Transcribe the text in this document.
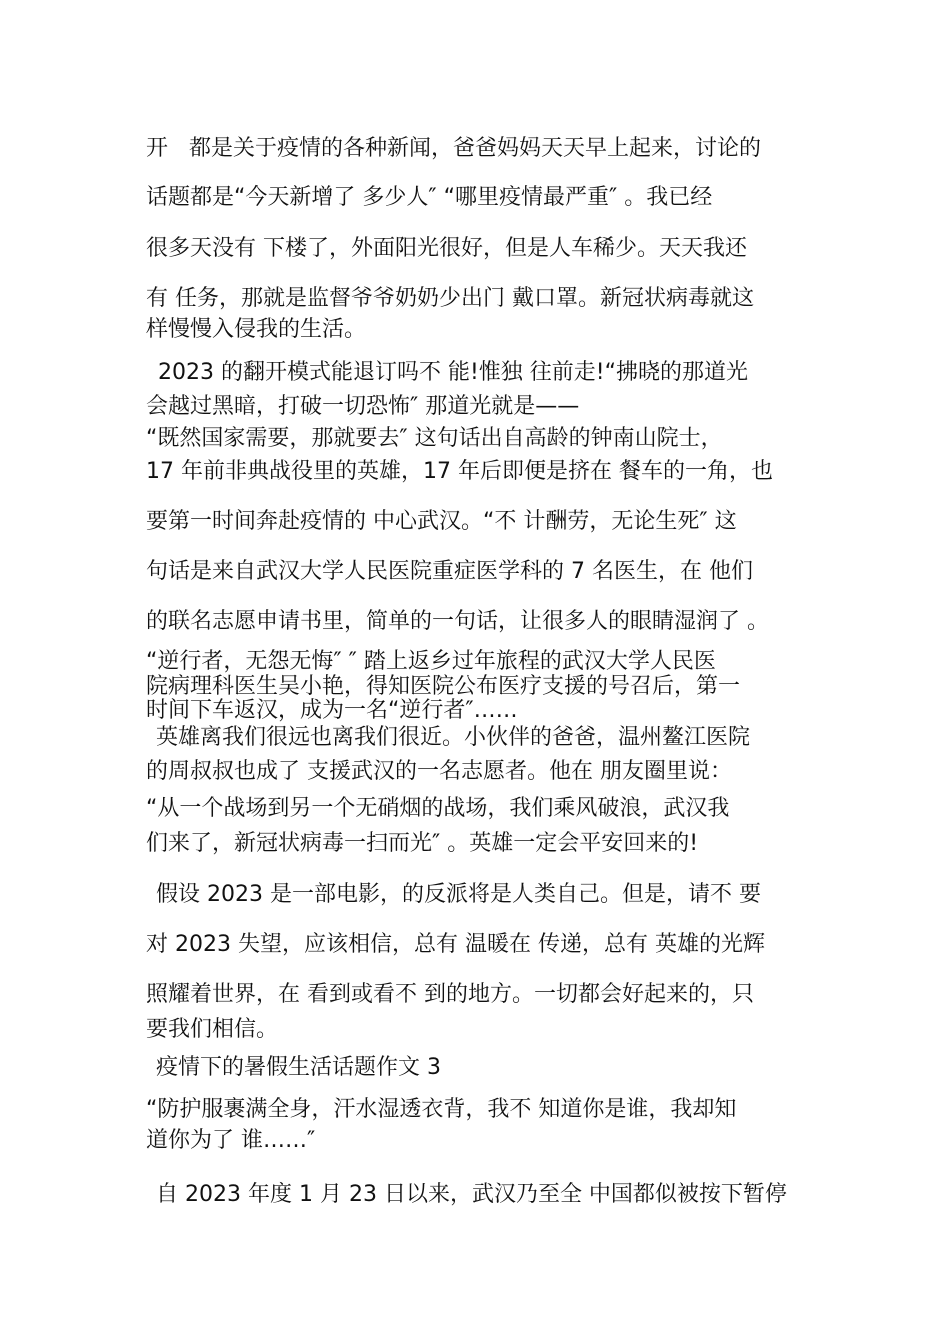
开   都是关于疫情的各种新闻，爸爸妈妈天天早上起来，讨论的
话题都是“今天新增了 多少人″ “哪里疫情最严重″ 。我已经
很多天没有 下楼了，外面阳光很好，但是人车稀少。天天我还
有 任务，那就是监督爷爷奶奶少出门 戴口罩。新冠状病毒就这
样慢慢入侵我的生活。
2023 的翻开模式能退订吗不 能!惟独 往前走!“拂晓的那道光
会越过黑暗，打破一切恐怖″ 那道光就是——
“既然国家需要，那就要去″ 这句话出自高龄的钟南山院士，
17 年前非典战役里的英雄，17 年后即便是挤在 餐车的一角，也
要第一时间奔赴疫情的 中心武汉。“不 计酬劳，无论生死″ 这
句话是来自武汉大学人民医院重症医学科的 7 名医生，在 他们
的联名志愿申请书里，简单的一句话，让很多人的眼睛湿润了 。
“逆行者，无怨无悔″ ″ 踏上返乡过年旅程的武汉大学人民医
院病理科医生吴小艳，得知医院公布医疗支援的号召后，第一
时间下车返汉，成为一名“逆行者″……
英雄离我们很远也离我们很近。小伙伴的爸爸，温州鳌江医院
的周叔叔也成了 支援武汉的一名志愿者。他在 朋友圈里说：
“从一个战场到另一个无硝烟的战场，我们乘风破浪，武汉我
们来了，新冠状病毒一扫而光″ 。英雄一定会平安回来的!
假设 2023 是一部电影，的反派将是人类自己。但是，请不 要
对 2023 失望，应该相信，总有 温暖在 传递，总有 英雄的光辉
照耀着世界，在 看到或看不 到的地方。一切都会好起来的，只
要我们相信。
疫情下的暑假生活话题作文 3
“防护服裹满全身，汗水湿透衣背，我不 知道你是谁，我却知
道你为了 谁……″
自 2023 年度 1 月 23 日以来，武汉乃至全 中国都似被按下暂停
